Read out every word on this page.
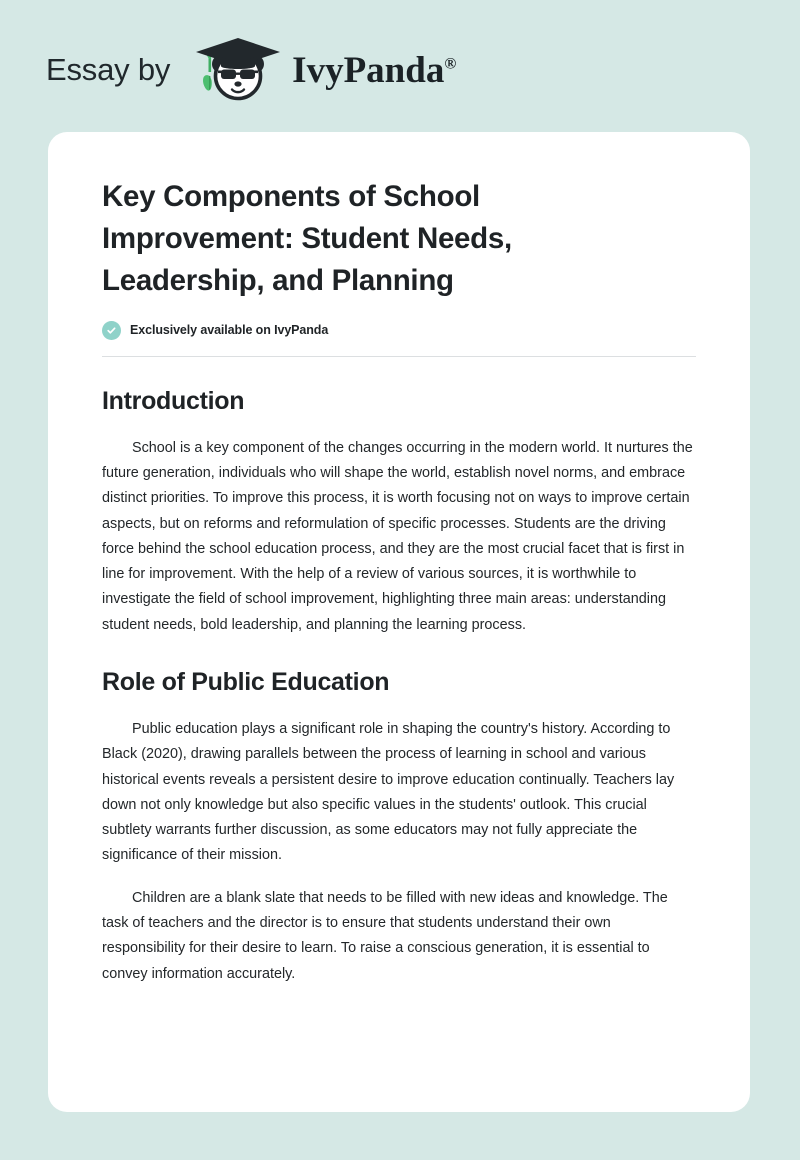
Essay by	IvyPanda®
Key Components of School Improvement: Student Needs, Leadership, and Planning
Exclusively available on IvyPanda
Introduction

School is a key component of the changes occurring in the modern world. It nurtures the future generation, individuals who will shape the world, establish novel norms, and embrace distinct priorities. To improve this process, it is worth focusing not on ways to improve certain aspects, but on reforms and reformulation of specific processes. Students are the driving force behind the school education process, and they are the most crucial facet that is first in line for improvement. With the help of a review of various sources, it is worthwhile to investigate the field of school improvement, highlighting three main areas: understanding student needs, bold leadership, and planning the learning process.

Role of Public Education

Public education plays a significant role in shaping the country's history. According to Black (2020), drawing parallels between the process of learning in school and various historical events reveals a persistent desire to improve education continually. Teachers lay down not only knowledge but also specific values in the students' outlook. This crucial subtlety warrants further discussion, as some educators may not fully appreciate the significance of their mission.

Children are a blank slate that needs to be filled with new ideas and knowledge. The task of teachers and the director is to ensure that students understand their own responsibility for their desire to learn. To raise a conscious generation, it is essential to convey information accurately.
